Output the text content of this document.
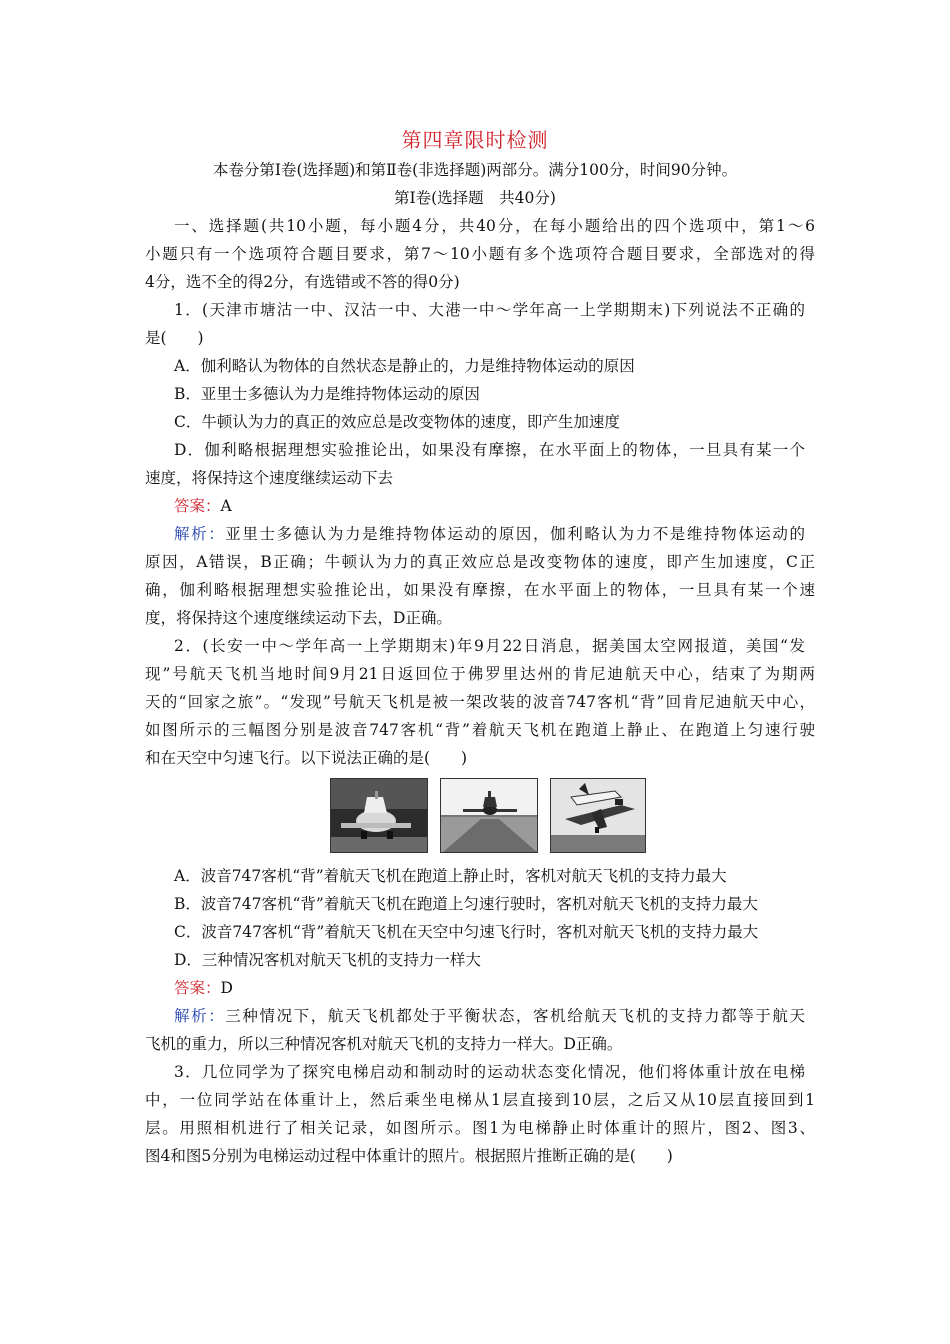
第四章限时检测
本卷分第Ⅰ卷(选择题)和第Ⅱ卷(非选择题)两部分。满分100分，时间90分钟。
第Ⅰ卷(选择题　共40分)
一、选择题(共10小题，每小题4分，共40分，在每小题给出的四个选项中，第1～6
小题只有一个选项符合题目要求，第7～10小题有多个选项符合题目要求，全部选对的得
4分，选不全的得2分，有选错或不答的得0分)
1．(天津市塘沽一中、汉沽一中、大港一中～学年高一上学期期末)下列说法不正确的
是(　　)
A．伽利略认为物体的自然状态是静止的，力是维持物体运动的原因
B．亚里士多德认为力是维持物体运动的原因
C．牛顿认为力的真正的效应总是改变物体的速度，即产生加速度
D．伽利略根据理想实验推论出，如果没有摩擦，在水平面上的物体，一旦具有某一个
速度，将保持这个速度继续运动下去
答案：A
解析：亚里士多德认为力是维持物体运动的原因，伽利略认为力不是维持物体运动的
原因，A错误，B正确；牛顿认为力的真正效应总是改变物体的速度，即产生加速度，C正
确，伽利略根据理想实验推论出，如果没有摩擦，在水平面上的物体，一旦具有某一个速
度，将保持这个速度继续运动下去，D正确。
2．(长安一中～学年高一上学期期末)年9月22日消息，据美国太空网报道，美国“发
现”号航天飞机当地时间9月21日返回位于佛罗里达州的肯尼迪航天中心，结束了为期两
天的“回家之旅”。“发现”号航天飞机是被一架改装的波音747客机“背”回肯尼迪航天中心，
如图所示的三幅图分别是波音747客机“背”着航天飞机在跑道上静止、在跑道上匀速行驶
和在天空中匀速飞行。以下说法正确的是(　　)
A．波音747客机“背”着航天飞机在跑道上静止时，客机对航天飞机的支持力最大
B．波音747客机“背”着航天飞机在跑道上匀速行驶时，客机对航天飞机的支持力最大
C．波音747客机“背”着航天飞机在天空中匀速飞行时，客机对航天飞机的支持力最大
D．三种情况客机对航天飞机的支持力一样大
答案：D
解析：三种情况下，航天飞机都处于平衡状态，客机给航天飞机的支持力都等于航天
飞机的重力，所以三种情况客机对航天飞机的支持力一样大。D正确。
3．几位同学为了探究电梯启动和制动时的运动状态变化情况，他们将体重计放在电梯
中，一位同学站在体重计上，然后乘坐电梯从1层直接到10层，之后又从10层直接回到1
层。用照相机进行了相关记录，如图所示。图1为电梯静止时体重计的照片，图2、图3、
图4和图5分别为电梯运动过程中体重计的照片。根据照片推断正确的是(　　)
